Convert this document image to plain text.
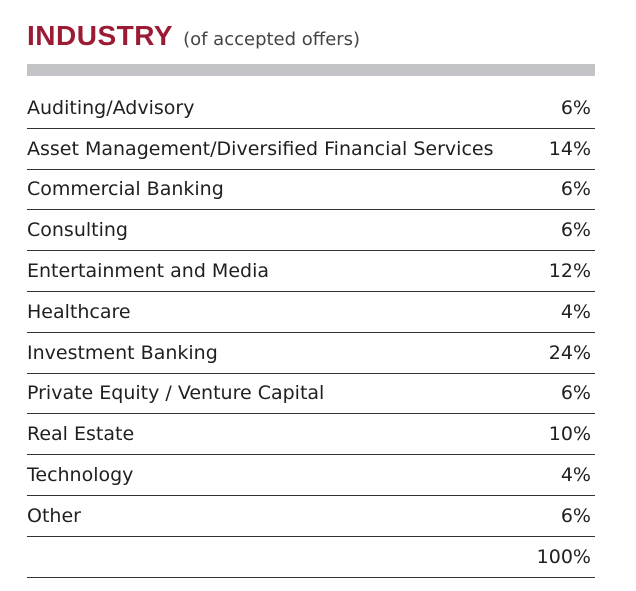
INDUSTRY (of accepted offers)
Auditing/Advisory	6%
Asset Management/Diversified Financial Services	14%
Commercial Banking	6%
Consulting	6%
Entertainment and Media	12%
Healthcare	4%
Investment Banking	24%
Private Equity / Venture Capital	6%
Real Estate	10%
Technology	4%
Other	6%
100%
